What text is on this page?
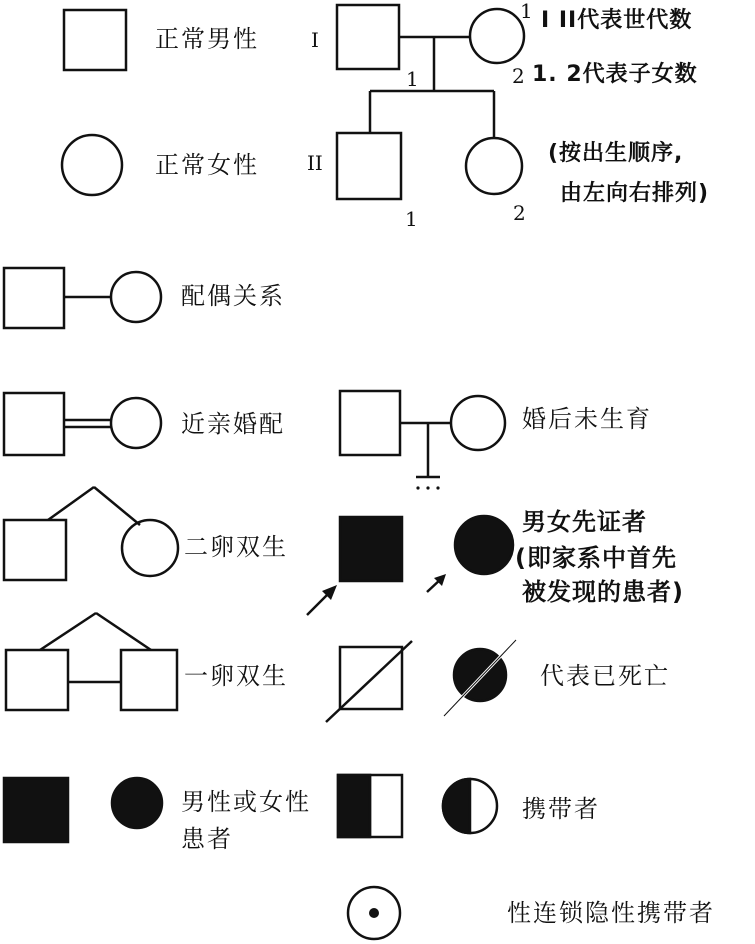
正常男性
正常女性
配偶关系
近亲婚配	婚后未生育
二卵双生
一卵双生
男女先证者
(即家系中首先
被发现的患者)
代表已死亡
男性或女性
患者
携带者
性连锁隐性携带者
I
II
1 I II代表世代数
2 1. 2代表子女数
1
1	2
(按出生顺序,
由左向右排列)
